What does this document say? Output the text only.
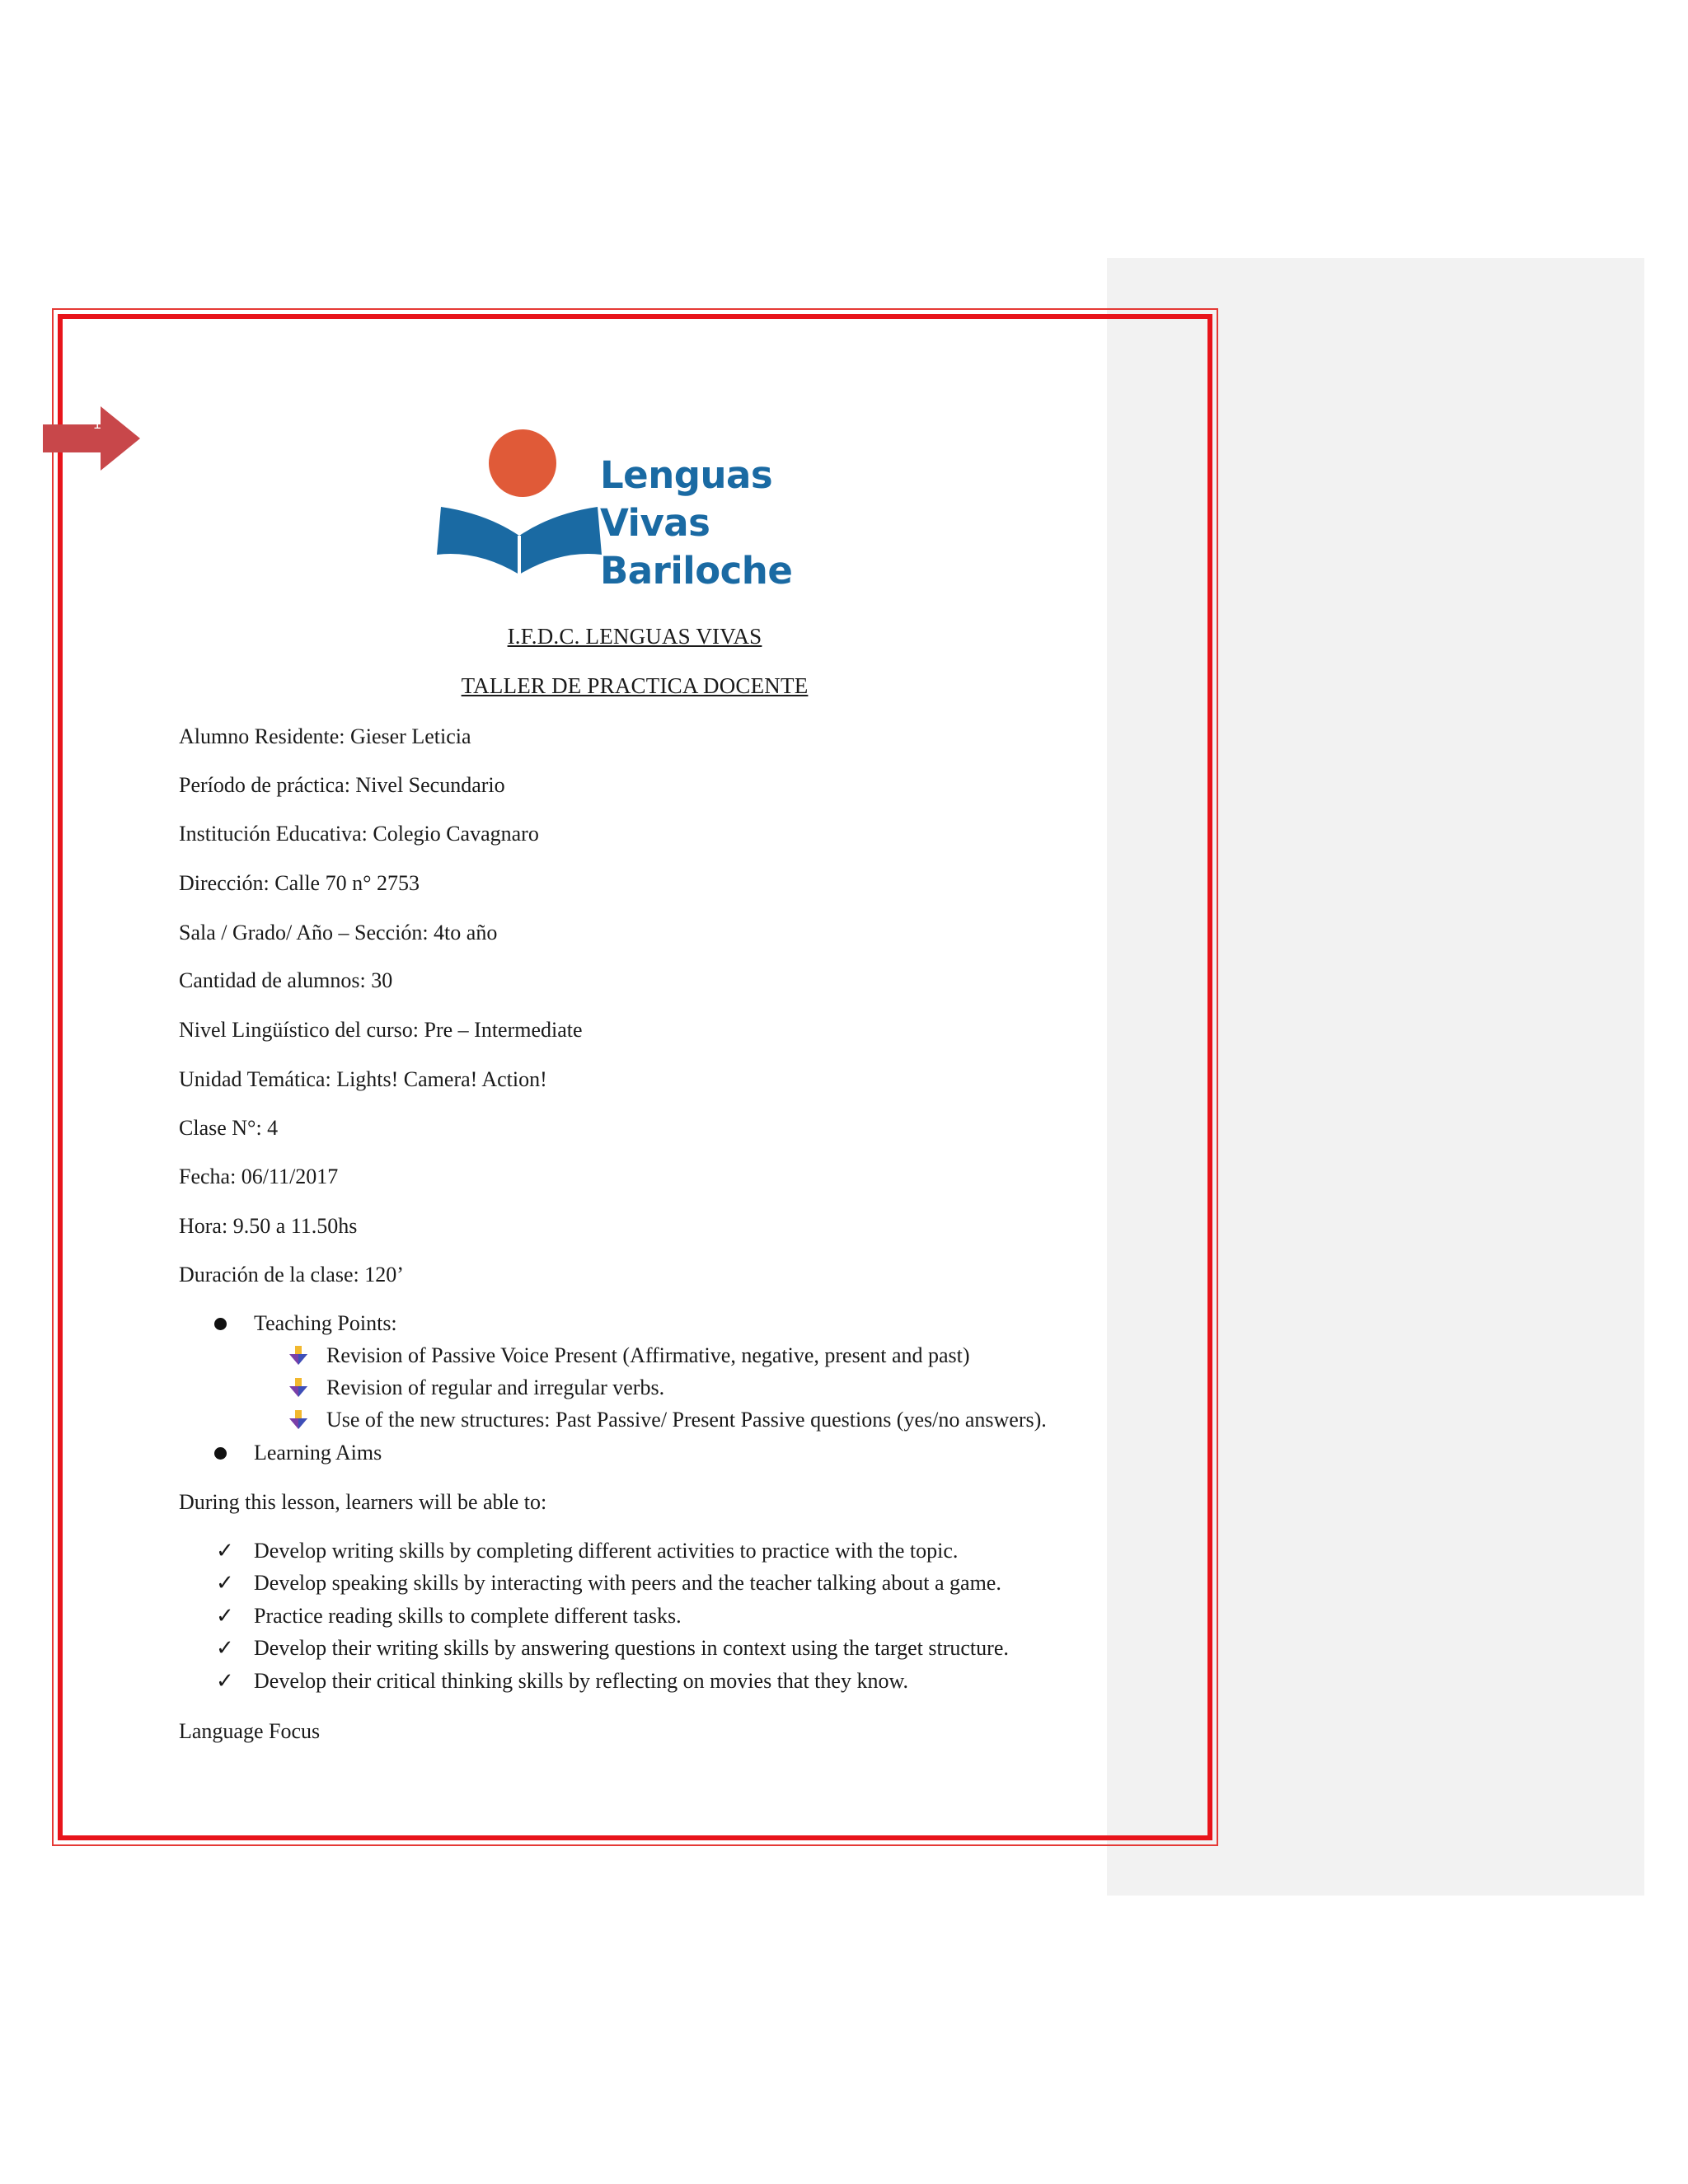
1
Lenguas Vivas
Bariloche
I.F.D.C. LENGUAS VIVAS
TALLER DE PRACTICA DOCENTE
Alumno Residente: Gieser Leticia
Período de práctica: Nivel Secundario
Institución Educativa: Colegio Cavagnaro
Dirección: Calle 70 n° 2753
Sala / Grado/ Año – Sección: 4to año
Cantidad de alumnos: 30
Nivel Lingüístico del curso: Pre – Intermediate
Unidad Temática: Lights! Camera! Action!
Clase N°: 4
Fecha: 06/11/2017
Hora: 9.50 a 11.50hs
Duración de la clase: 120’
Teaching Points:
Revision of Passive Voice Present (Affirmative, negative, present and past)
Revision of regular and irregular verbs.
Use of the new structures: Past Passive/ Present Passive questions (yes/no answers).
Learning Aims
During this lesson, learners will be able to:
✓ Develop writing skills by completing different activities to practice with the topic.
✓ Develop speaking skills by interacting with peers and the teacher talking about a game.
✓ Practice reading skills to complete different tasks.
✓ Develop their writing skills by answering questions in context using the target structure.
✓ Develop their critical thinking skills by reflecting on movies that they know.
Language Focus
